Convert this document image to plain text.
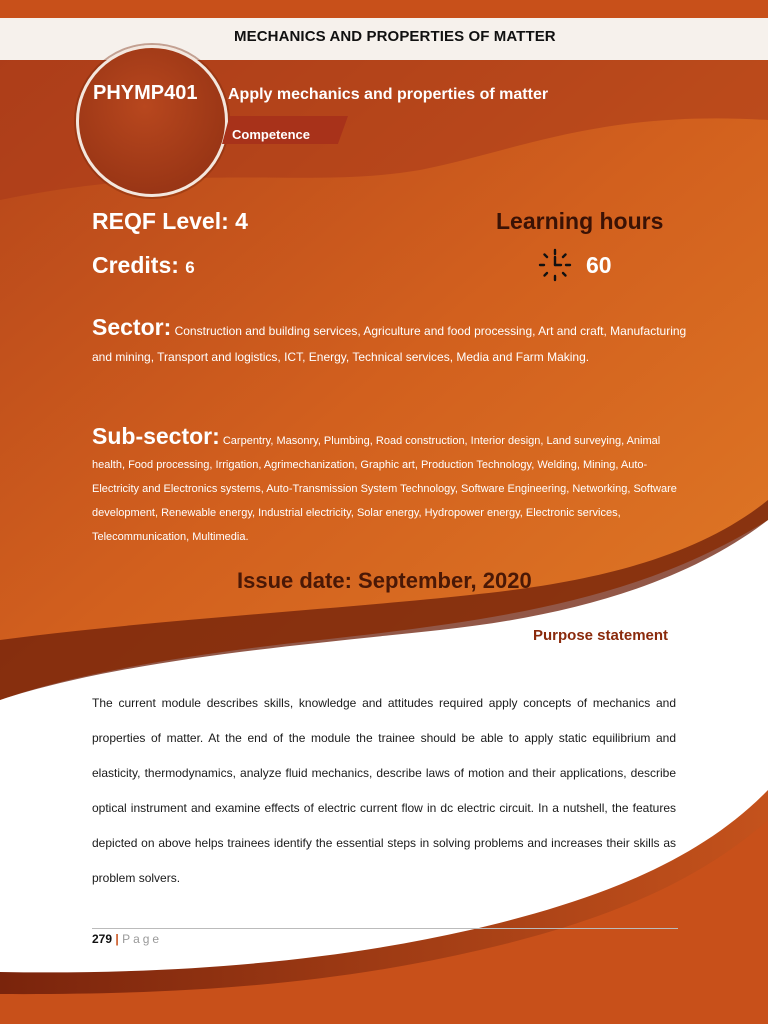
MECHANICS AND PROPERTIES OF MATTER
PHYMP401 Apply mechanics and properties of matter
Competence
REQF Level: 4
Credits: 6
Learning hours
60
Sector: Construction and building services, Agriculture and food processing, Art and craft, Manufacturing and mining, Transport and logistics, ICT, Energy, Technical services, Media and Farm Making.
Sub-sector: Carpentry, Masonry, Plumbing, Road construction, Interior design, Land surveying, Animal health, Food processing, Irrigation, Agrimechanization, Graphic art, Production Technology, Welding, Mining, Auto-Electricity and Electronics systems, Auto-Transmission System Technology, Software Engineering, Networking, Software development, Renewable energy, Industrial electricity, Solar energy, Hydropower energy, Electronic services, Telecommunication, Multimedia.
Issue date: September, 2020
Purpose statement
The current module describes skills, knowledge and attitudes required apply concepts of mechanics and properties of matter. At the end of the module the trainee should be able to apply static equilibrium and elasticity, thermodynamics, analyze fluid mechanics, describe laws of motion and their applications, describe optical instrument and examine effects of electric current flow in dc electric circuit. In a nutshell, the features depicted on above helps trainees identify the essential steps in solving problems and increases their skills as problem solvers.
279 | Page
